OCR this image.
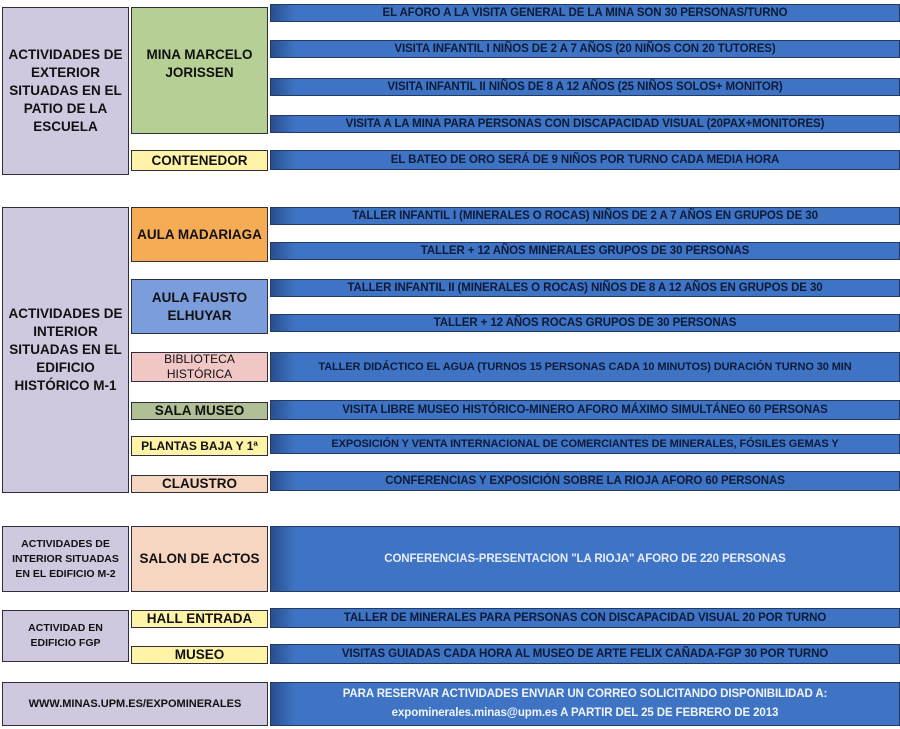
ACTIVIDADES DE EXTERIOR SITUADAS EN EL PATIO DE LA ESCUELA
MINA MARCELO JORISSEN
CONTENEDOR
EL AFORO A LA VISITA GENERAL DE LA MINA SON 30 PERSONAS/TURNO
VISITA INFANTIL I NIÑOS DE 2 A 7 AÑOS (20 NIÑOS CON 20 TUTORES)
VISITA INFANTIL II NIÑOS DE 8 A 12 AÑOS (25 NIÑOS SOLOS+ MONITOR)
VISITA A LA MINA PARA PERSONAS CON DISCAPACIDAD VISUAL (20PAX+MONITORES)
EL BATEO DE ORO SERÁ DE 9 NIÑOS POR TURNO CADA MEDIA HORA
ACTIVIDADES DE INTERIOR SITUADAS EN EL EDIFICIO HISTÓRICO M-1
AULA MADARIAGA
AULA FAUSTO ELHUYAR
BIBLIOTECA HISTÓRICA
SALA MUSEO
PLANTAS BAJA Y 1ª
CLAUSTRO
TALLER INFANTIL I (MINERALES O ROCAS) NIÑOS DE 2 A 7 AÑOS EN GRUPOS DE 30
TALLER + 12 AÑOS MINERALES GRUPOS DE 30 PERSONAS
TALLER INFANTIL II (MINERALES O ROCAS) NIÑOS DE 8 A 12 AÑOS EN GRUPOS DE 30
TALLER + 12 AÑOS ROCAS GRUPOS DE 30 PERSONAS
TALLER DIDÁCTICO EL AGUA (TURNOS 15 PERSONAS CADA 10 MINUTOS) DURACIÓN TURNO 30 MIN
VISITA LIBRE MUSEO HISTÓRICO-MINERO AFORO MÁXIMO SIMULTÁNEO 60 PERSONAS
EXPOSICIÓN Y VENTA INTERNACIONAL DE COMERCIANTES DE MINERALES, FÓSILES GEMAS Y
CONFERENCIAS Y EXPOSICIÓN SOBRE LA RIOJA AFORO 60 PERSONAS
ACTIVIDADES DE INTERIOR SITUADAS EN EL EDIFICIO M-2
SALON DE ACTOS	CONFERENCIAS-PRESENTACION "LA RIOJA" AFORO DE 220 PERSONAS
ACTIVIDAD EN EDIFICIO FGP
HALL ENTRADA
MUSEO
TALLER DE MINERALES PARA PERSONAS CON DISCAPACIDAD VISUAL 20 POR TURNO
VISITAS GUIADAS CADA HORA AL MUSEO DE ARTE FELIX CAÑADA-FGP 30 POR TURNO
WWW.MINAS.UPM.ES/EXPOMINERALES
PARA RESERVAR ACTIVIDADES ENVIAR UN CORREO SOLICITANDO DISPONIBILIDAD A:
expominerales.minas@upm.es A PARTIR DEL 25 DE FEBRERO DE 2013
